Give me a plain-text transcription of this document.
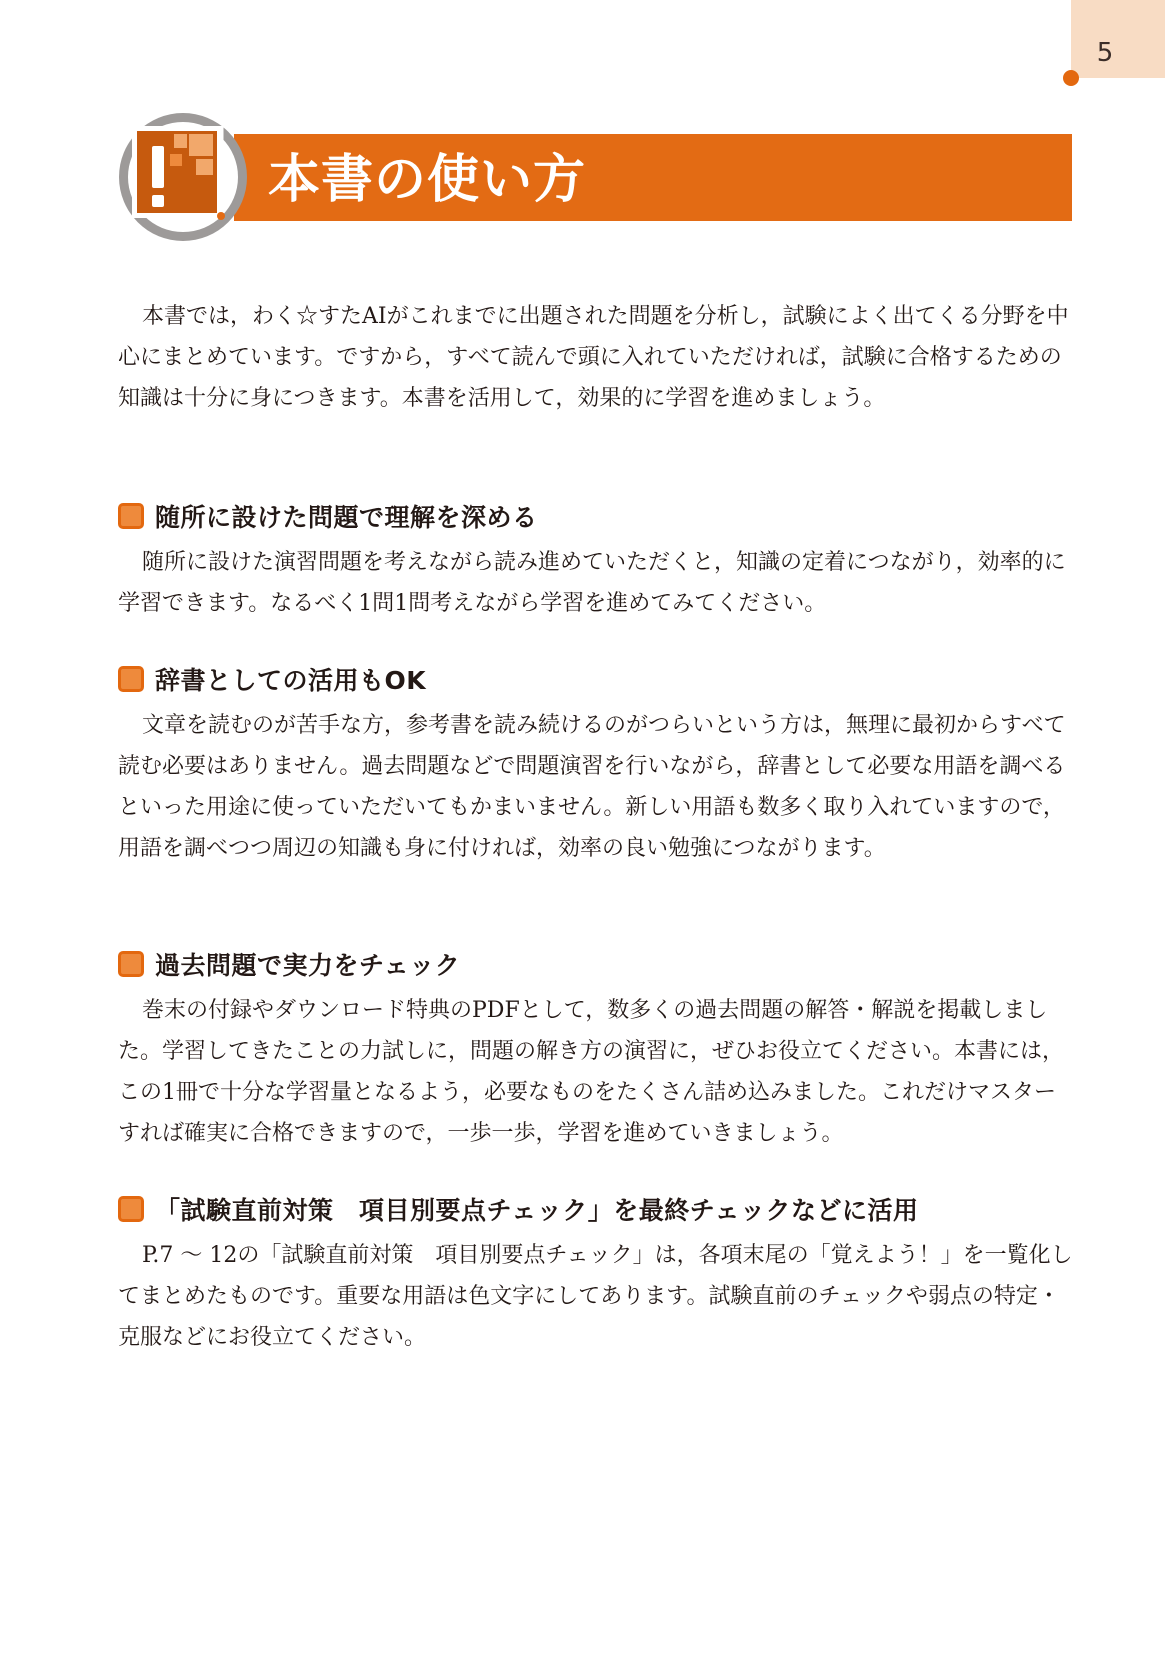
5
本書の使い方

本書では，わく☆すたAIがこれまでに出題された問題を分析し，試験によく出てくる分野を中心にまとめています。ですから，すべて読んで頭に入れていただければ，試験に合格するための知識は十分に身につきます。本書を活用して，効果的に学習を進めましょう。

随所に設けた問題で理解を深める

随所に設けた演習問題を考えながら読み進めていただくと，知識の定着につながり，効率的に学習できます。なるべく1問1問考えながら学習を進めてみてください。

辞書としての活用もOK

文章を読むのが苦手な方，参考書を読み続けるのがつらいという方は，無理に最初からすべて読む必要はありません。過去問題などで問題演習を行いながら，辞書として必要な用語を調べるといった用途に使っていただいてもかまいません。新しい用語も数多く取り入れていますので，用語を調べつつ周辺の知識も身に付ければ，効率の良い勉強につながります。

過去問題で実力をチェック

巻末の付録やダウンロード特典のPDFとして，数多くの過去問題の解答・解説を掲載しました。学習してきたことの力試しに，問題の解き方の演習に，ぜひお役立てください。本書には，この1冊で十分な学習量となるよう，必要なものをたくさん詰め込みました。これだけマスターすれば確実に合格できますので，一歩一歩，学習を進めていきましょう。

「試験直前対策　項目別要点チェック」を最終チェックなどに活用

P.7 〜 12の「試験直前対策　項目別要点チェック」は，各項末尾の「覚えよう！」を一覧化してまとめたものです。重要な用語は色文字にしてあります。試験直前のチェックや弱点の特定・克服などにお役立てください。
